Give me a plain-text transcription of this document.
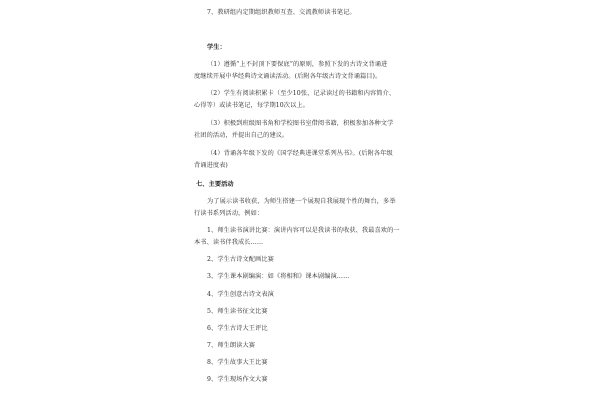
7、教研组内定期组织教师互查、交流教师读书笔记。
学生：
（1）遵循“上不封顶下要保底”的原则，参照下发的古诗文背诵进
度继续开展中华经典诗文诵读活动。(后附各年级古诗文背诵篇目)。
（2）学生有阅读积累卡（至少10张，记录读过的书籍和内容简介、
心得等）或读书笔记，每学期10次以上。
（3）积极到班级图书角和学校图书室借阅书籍，积极参加各种文学
社团的活动，并提出自己的建议。
（4）背诵各年级下发的《国学经典进课堂系列丛书》。(后附各年级
背诵进度表)
七、主要活动
为了展示读书收获，为师生搭建一个展现自我展现个性的舞台，多举
行读书系列活动，例如：
1、师生读书演讲比赛：演讲内容可以是我读书的收获、我最喜欢的一
本书、读书伴我成长……
2、学生古诗文配画比赛
3、学生课本剧编演：如《将相和》课本剧编演……
4、学生创意古诗文表演
5、师生读书征文比赛
6、学生古诗大王评比
7、师生朗读大赛
8、学生故事大王比赛
9、学生现场作文大赛
